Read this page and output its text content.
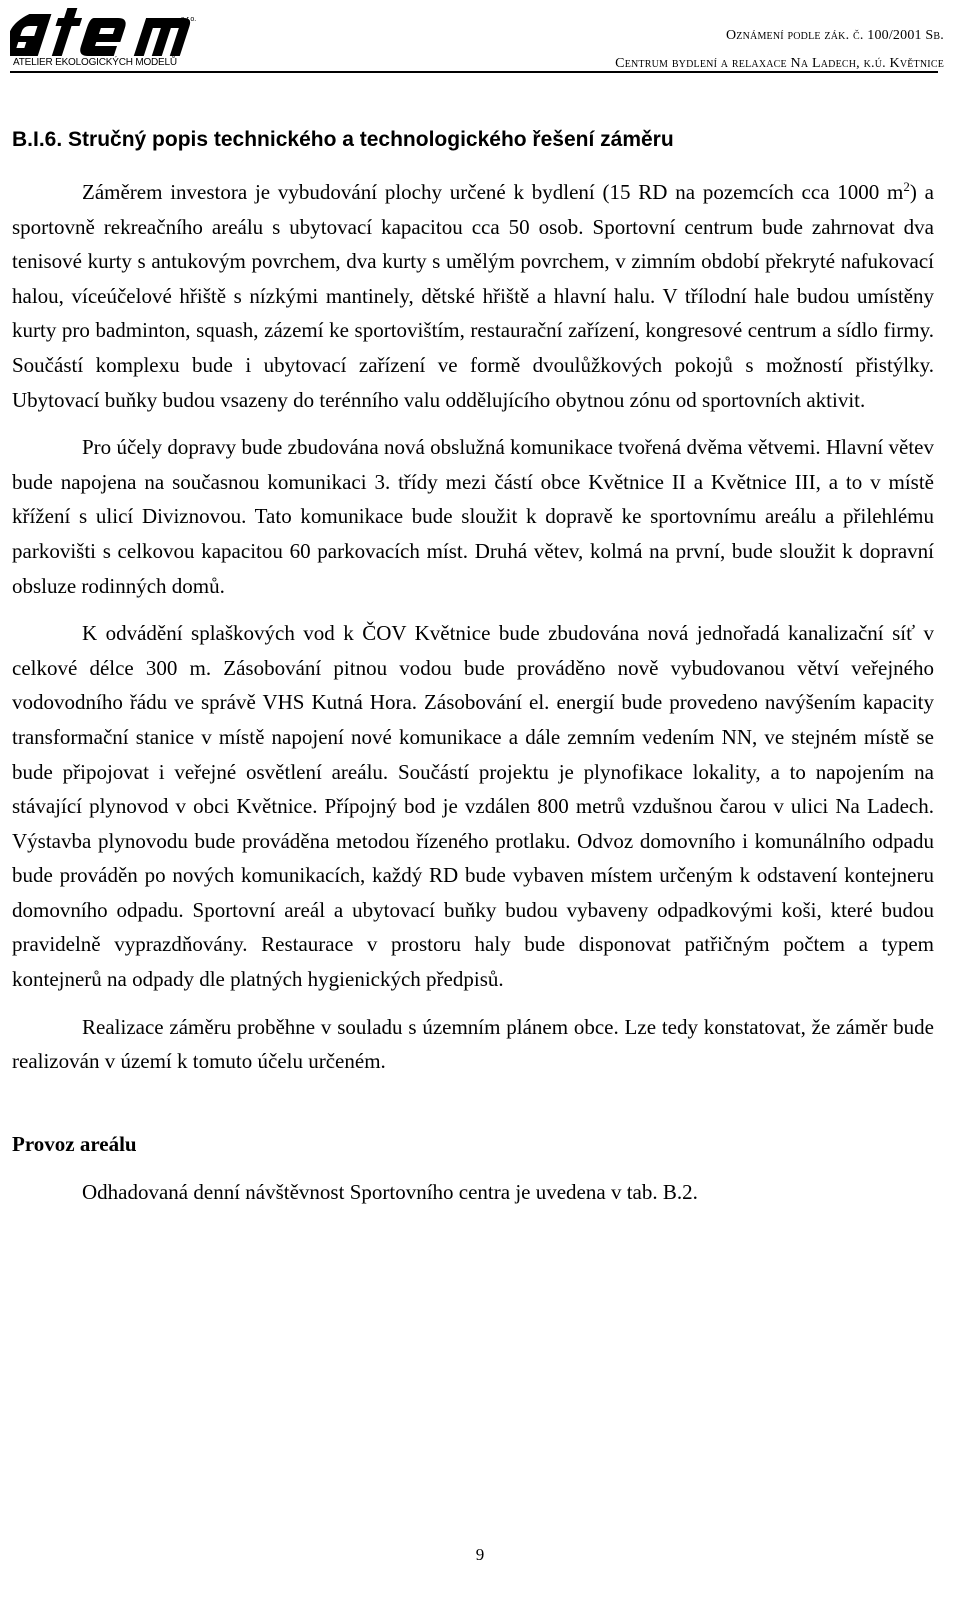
ATELIER EKOLOGICKÝCH MODELŮ
s.r.o.
Oznámení podle zák. č. 100/2001 Sb.
Centrum bydlení a relaxace Na Ladech, k.ú. Květnice
B.I.6. Stručný popis technického a technologického řešení záměru

Záměrem investora je vybudování plochy určené k bydlení (15 RD na pozemcích cca 1000 $m^2$) a sportovně rekreačního areálu s ubytovací kapacitou cca 50 osob. Sportovní centrum bude zahrnovat dva tenisové kurty s antukovým povrchem, dva kurty s umělým povrchem, v zimním období překryté nafukovací halou, víceúčelové hřiště s nízkými mantinely, dětské hřiště a hlavní halu. V třílodní hale budou umístěny kurty pro badminton, squash, zázemí ke sportovištím, restaurační zařízení, kongresové centrum a sídlo firmy. Součástí komplexu bude i ubytovací zařízení ve formě dvoulůžkových pokojů s možností přistýlky. Ubytovací buňky budou vsazeny do terénního valu oddělujícího obytnou zónu od sportovních aktivit.

Pro účely dopravy bude zbudována nová obslužná komunikace tvořená dvěma větvemi. Hlavní větev bude napojena na současnou komunikaci 3. třídy mezi částí obce Květnice II a Květnice III, a to v místě křížení s ulicí Diviznovou. Tato komunikace bude sloužit k dopravě ke sportovnímu areálu a přilehlému parkovišti s celkovou kapacitou 60 parkovacích míst. Druhá větev, kolmá na první, bude sloužit k dopravní obsluze rodinných domů.

K odvádění splaškových vod k ČOV Květnice bude zbudována nová jednořadá kanalizační síť v celkové délce 300 m. Zásobování pitnou vodou bude prováděno nově vybudovanou větví veřejného vodovodního řádu ve správě VHS Kutná Hora. Zásobování el. energií bude provedeno navýšením kapacity transformační stanice v místě napojení nové komunikace a dále zemním vedením NN, ve stejném místě se bude připojovat i veřejné osvětlení areálu. Součástí projektu je plynofikace lokality, a to napojením na stávající plynovod v obci Květnice. Přípojný bod je vzdálen 800 metrů vzdušnou čarou v ulici Na Ladech. Výstavba plynovodu bude prováděna metodou řízeného protlaku. Odvoz domovního i komunálního odpadu bude prováděn po nových komunikacích, každý RD bude vybaven místem určeným k odstavení kontejneru domovního odpadu. Sportovní areál a ubytovací buňky budou vybaveny odpadkovými koši, které budou pravidelně vyprazdňovány. Restaurace v prostoru haly bude disponovat patřičným počtem a typem kontejnerů na odpady dle platných hygienických předpisů.

Realizace záměru proběhne v souladu s územním plánem obce. Lze tedy konstatovat, že záměr bude realizován v území k tomuto účelu určeném.

Provoz areálu

Odhadovaná denní návštěvnost Sportovního centra je uvedena v tab. B.2.

9
